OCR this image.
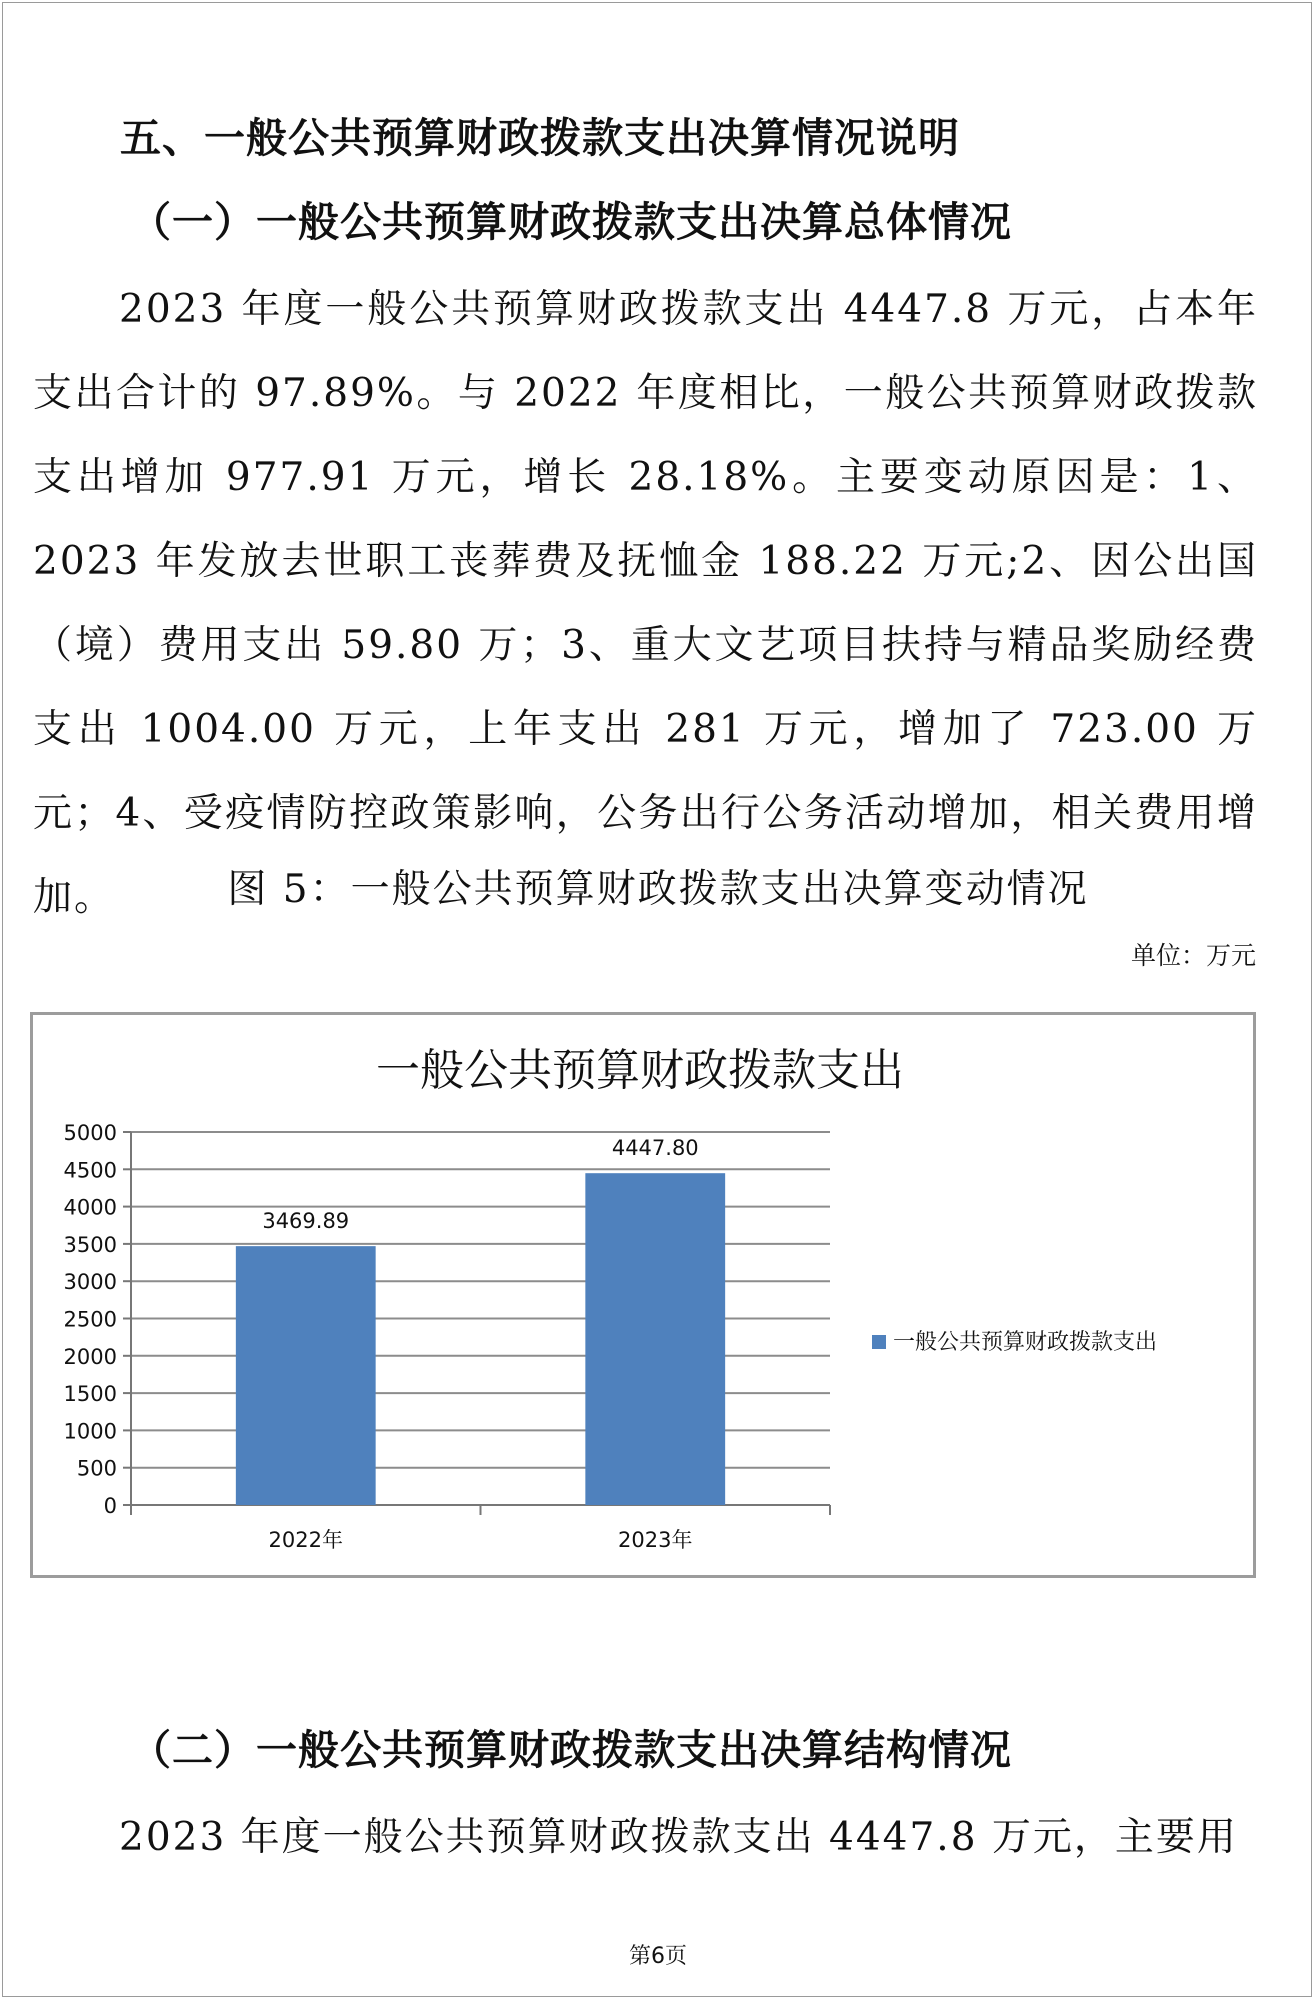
五、一般公共预算财政拨款支出决算情况说明
（一）一般公共预算财政拨款支出决算总体情况
2023 年度一般公共预算财政拨款支出 4447.8 万元，占本年支出合计的 97.89%。与 2022 年度相比，一般公共预算财政拨款支出增加 977.91 万元，增长 28.18%。主要变动原因是：1、2023 年发放去世职工丧葬费及抚恤金 188.22 万元;2、因公出国（境）费用支出 59.80 万；3、重大文艺项目扶持与精品奖励经费支出 1004.00 万元，上年支出 281 万元，增加了 723.00 万元；4、受疫情防控政策影响，公务出行公务活动增加，相关费用增加。	图 5：一般公共预算财政拨款支出决算变动情况
单位：万元
一般公共预算财政拨款支出
0
500
1000
1500
2000
2500
3000
3500
4000
4500
5000
2022年	2023年
3469.89
4447.80
一般公共预算财政拨款支出
（二）一般公共预算财政拨款支出决算结构情况
2023 年度一般公共预算财政拨款支出 4447.8 万元，主要用
第6页
